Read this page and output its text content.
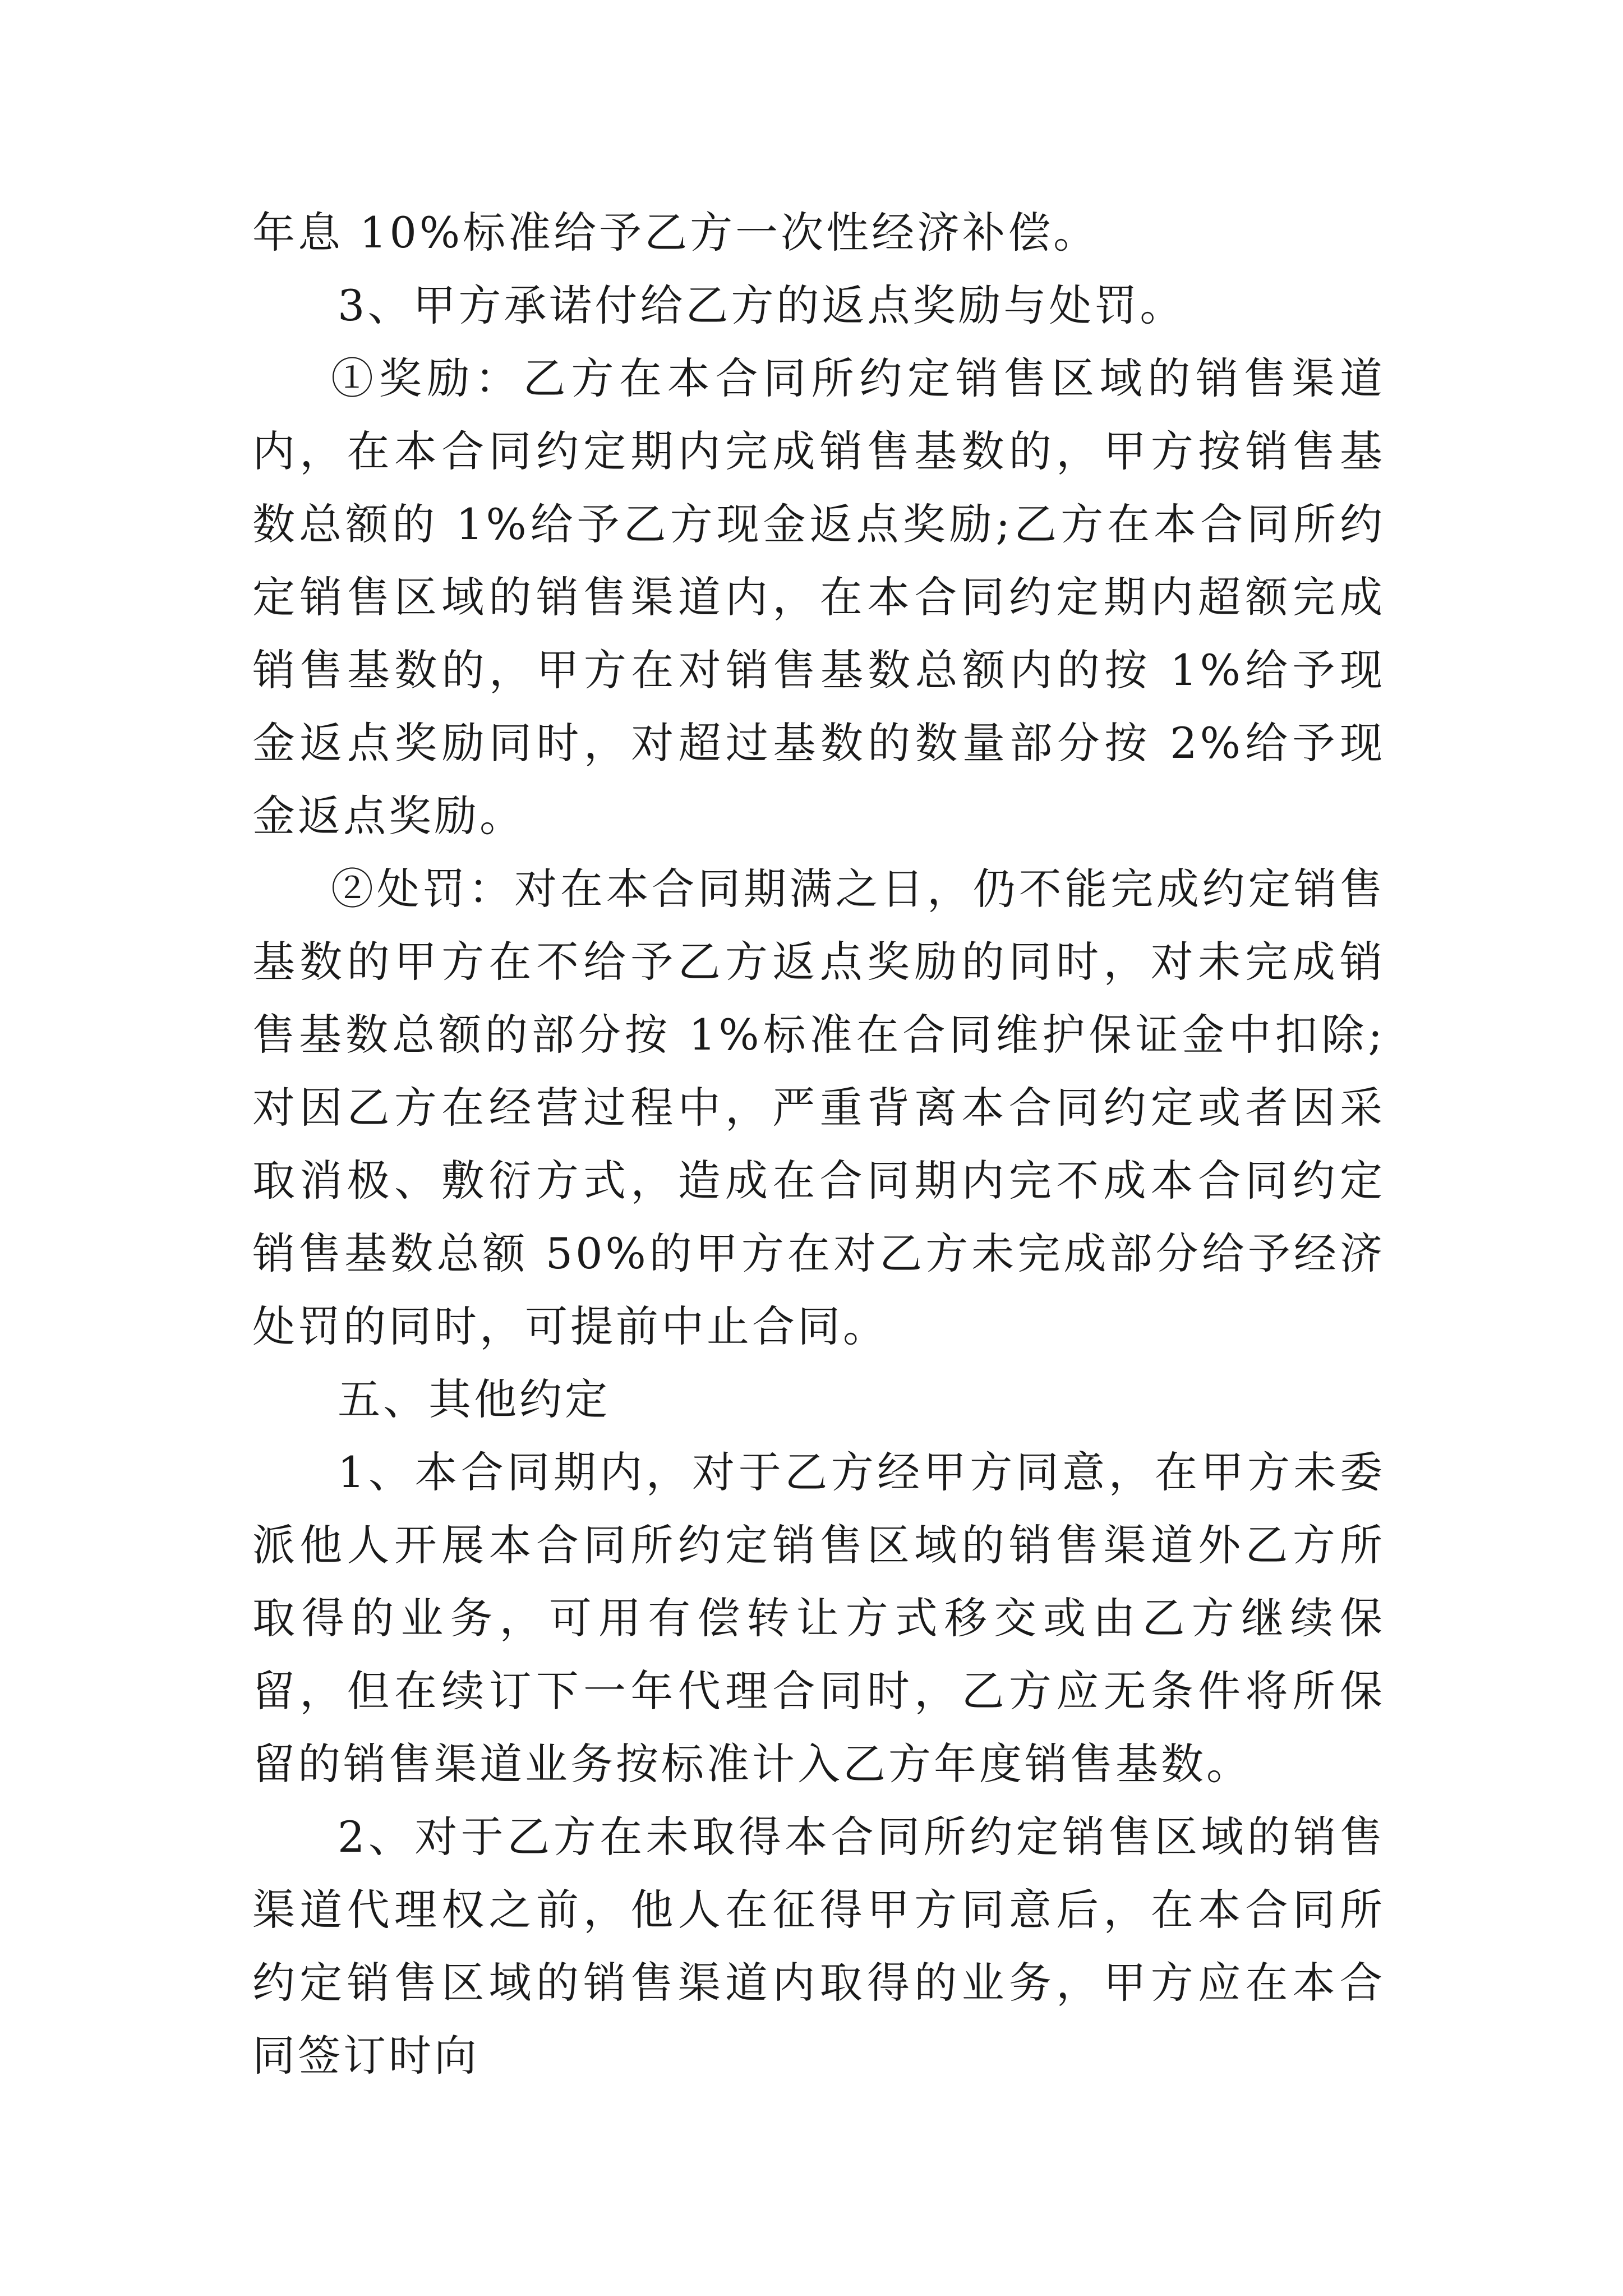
年息 10%标准给予乙方一次性经济补偿。

3、甲方承诺付给乙方的返点奖励与处罚。

①奖励：乙方在本合同所约定销售区域的销售渠道内，在本合同约定期内完成销售基数的，甲方按销售基数总额的 1%给予乙方现金返点奖励;乙方在本合同所约定销售区域的销售渠道内，在本合同约定期内超额完成销售基数的，甲方在对销售基数总额内的按 1%给予现金返点奖励同时，对超过基数的数量部分按 2%给予现金返点奖励。

②处罚：对在本合同期满之日，仍不能完成约定销售基数的甲方在不给予乙方返点奖励的同时，对未完成销售基数总额的部分按 1%标准在合同维护保证金中扣除;对因乙方在经营过程中，严重背离本合同约定或者因采取消极、敷衍方式，造成在合同期内完不成本合同约定销售基数总额 50%的甲方在对乙方未完成部分给予经济处罚的同时，可提前中止合同。

五、其他约定

1、本合同期内，对于乙方经甲方同意，在甲方未委派他人开展本合同所约定销售区域的销售渠道外乙方所取得的业务，可用有偿转让方式移交或由乙方继续保留，但在续订下一年代理合同时，乙方应无条件将所保留的销售渠道业务按标准计入乙方年度销售基数。

2、对于乙方在未取得本合同所约定销售区域的销售渠道代理权之前，他人在征得甲方同意后，在本合同所约定销售区域的销售渠道内取得的业务，甲方应在本合同签订时向
